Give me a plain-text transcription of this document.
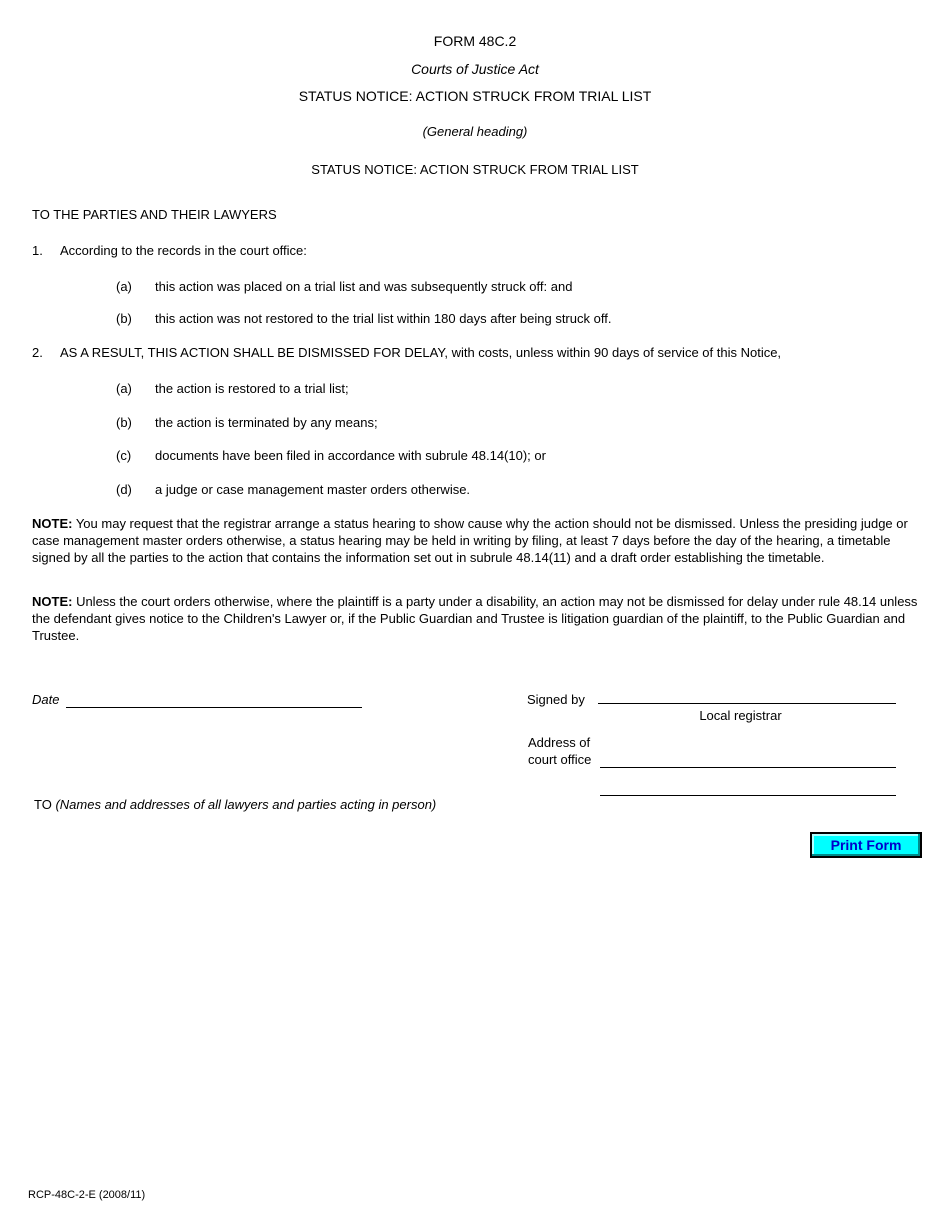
FORM 48C.2
Courts of Justice Act
STATUS NOTICE: ACTION STRUCK FROM TRIAL LIST
(General heading)
STATUS NOTICE: ACTION STRUCK FROM TRIAL LIST
TO THE PARTIES AND THEIR LAWYERS
1. According to the records in the court office:
(a) this action was placed on a trial list and was subsequently struck off: and
(b) this action was not restored to the trial list within 180 days after being struck off.
2. AS A RESULT, THIS ACTION SHALL BE DISMISSED FOR DELAY, with costs, unless within 90 days of service of this Notice,
(a) the action is restored to a trial list;
(b) the action is terminated by any means;
(c) documents have been filed in accordance with subrule 48.14(10); or
(d) a judge or case management master orders otherwise.
NOTE: You may request that the registrar arrange a status hearing to show cause why the action should not be dismissed. Unless the presiding judge or case management master orders otherwise, a status hearing may be held in writing by filing, at least 7 days before the day of the hearing, a timetable signed by all the parties to the action that contains the information set out in subrule 48.14(11) and a draft order establishing the timetable.
NOTE: Unless the court orders otherwise, where the plaintiff is a party under a disability, an action may not be dismissed for delay under rule 48.14 unless the defendant gives notice to the Children's Lawyer or, if the Public Guardian and Trustee is litigation guardian of the plaintiff, to the Public Guardian and Trustee.
Date	Signed by
Local registrar
Address of
court office
TO (Names and addresses of all lawyers and parties acting in person)
Print Form
RCP-48C-2-E (2008/11)
